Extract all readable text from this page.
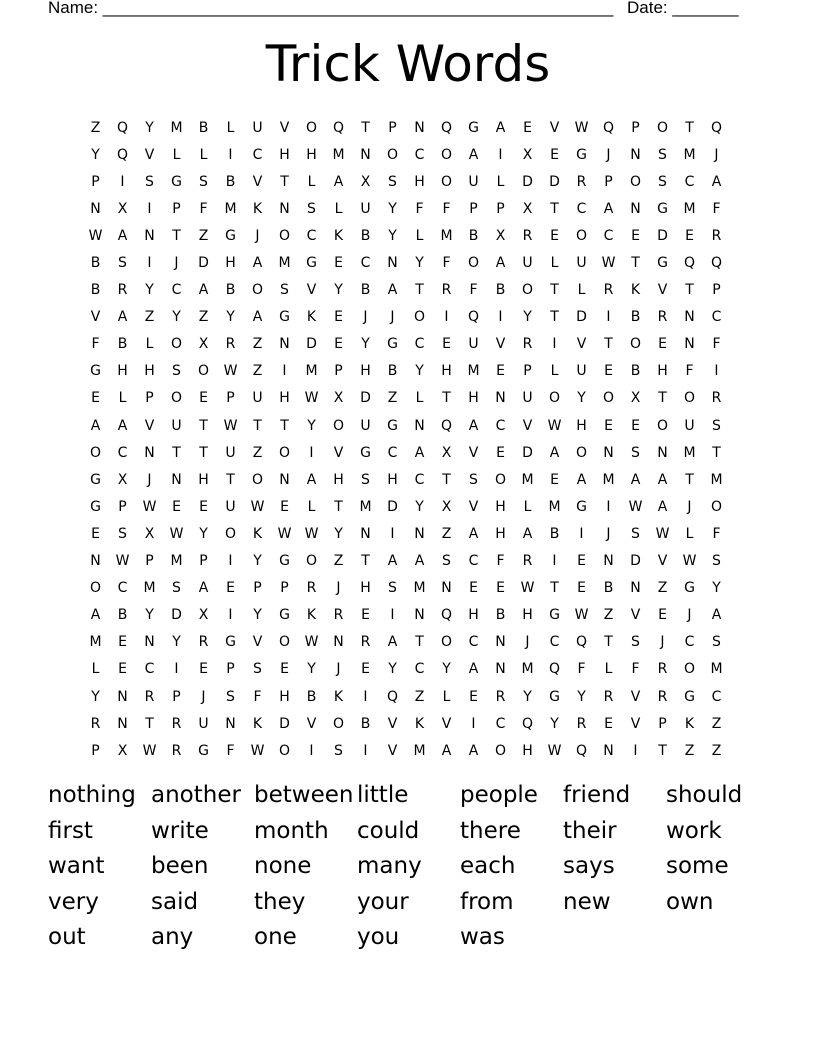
Name: ______________________________________________________ Date: _______
Trick Words
Z	Q	Y	M	B	L	U	V	O	Q	T	P	N	Q	G	A	E	V	W	Q	P	O	T	Q
Y	Q	V	L	L	I	C	H	H	M	N	O	C	O	A	I	X	E	G	J	N	S	M	J
P	I	S	G	S	B	V	T	L	A	X	S	H	O	U	L	D	D	R	P	O	S	C	A
N	X	I	P	F	M	K	N	S	L	U	Y	F	F	P	P	X	T	C	A	N	G	M	F
W	A	N	T	Z	G	J	O	C	K	B	Y	L	M	B	X	R	E	O	C	E	D	E	R
B	S	I	J	D	H	A	M	G	E	C	N	Y	F	O	A	U	L	U	W	T	G	Q	Q
B	R	Y	C	A	B	O	S	V	Y	B	A	T	R	F	B	O	T	L	R	K	V	T	P
V	A	Z	Y	Z	Y	A	G	K	E	J	J	O	I	Q	I	Y	T	D	I	B	R	N	C
F	B	L	O	X	R	Z	N	D	E	Y	G	C	E	U	V	R	I	V	T	O	E	N	F
G	H	H	S	O	W	Z	I	M	P	H	B	Y	H	M	E	P	L	U	E	B	H	F	I
E	L	P	O	E	P	U	H	W	X	D	Z	L	T	H	N	U	O	Y	O	X	T	O	R
A	A	V	U	T	W	T	T	Y	O	U	G	N	Q	A	C	V	W	H	E	E	O	U	S
O	C	N	T	T	U	Z	O	I	V	G	C	A	X	V	E	D	A	O	N	S	N	M	T
G	X	J	N	H	T	O	N	A	H	S	H	C	T	S	O	M	E	A	M	A	A	T	M
G	P	W	E	E	U	W	E	L	T	M	D	Y	X	V	H	L	M	G	I	W	A	J	O
E	S	X	W	Y	O	K	W W	Y	N	I	N	Z	A	H	A	B	I	J	S	W	L	F
N	W	P	M	P	I	Y	G	O	Z	T	A	A	S	C	F	R	I	E	N	D	V	W	S
O	C	M	S	A	E	P	P	R	J	H	S	M	N	E	E	W	T	E	B	N	Z	G	Y
A	B	Y	D	X	I	Y	G	K	R	E	I	N	Q	H	B	H	G	W	Z	V	E	J	A
M	E	N	Y	R	G	V	O	W	N	R	A	T	O	C	N	J	C	Q	T	S	J	C	S
L	E	C	I	E	P	S	E	Y	J	E	Y	C	Y	A	N	M	Q	F	L	F	R	O	M
Y	N	R	P	J	S	F	H	B	K	I	Q	Z	L	E	R	Y	G	Y	R	V	R	G	C
R	N	T	R	U	N	K	D	V	O	B	V	K	V	I	C	Q	Y	R	E	V	P	K	Z
P	X	W	R	G	F	W	O	I	S	I	V	M	A	A	O	H	W	Q	N	I	T	Z	Z
nothing another between little	people	friend	should
first	write	month	could	there	their	work
want	been	none	many	each	says	some
very	said	they	your	from	new	own
out	any	one	you	was
